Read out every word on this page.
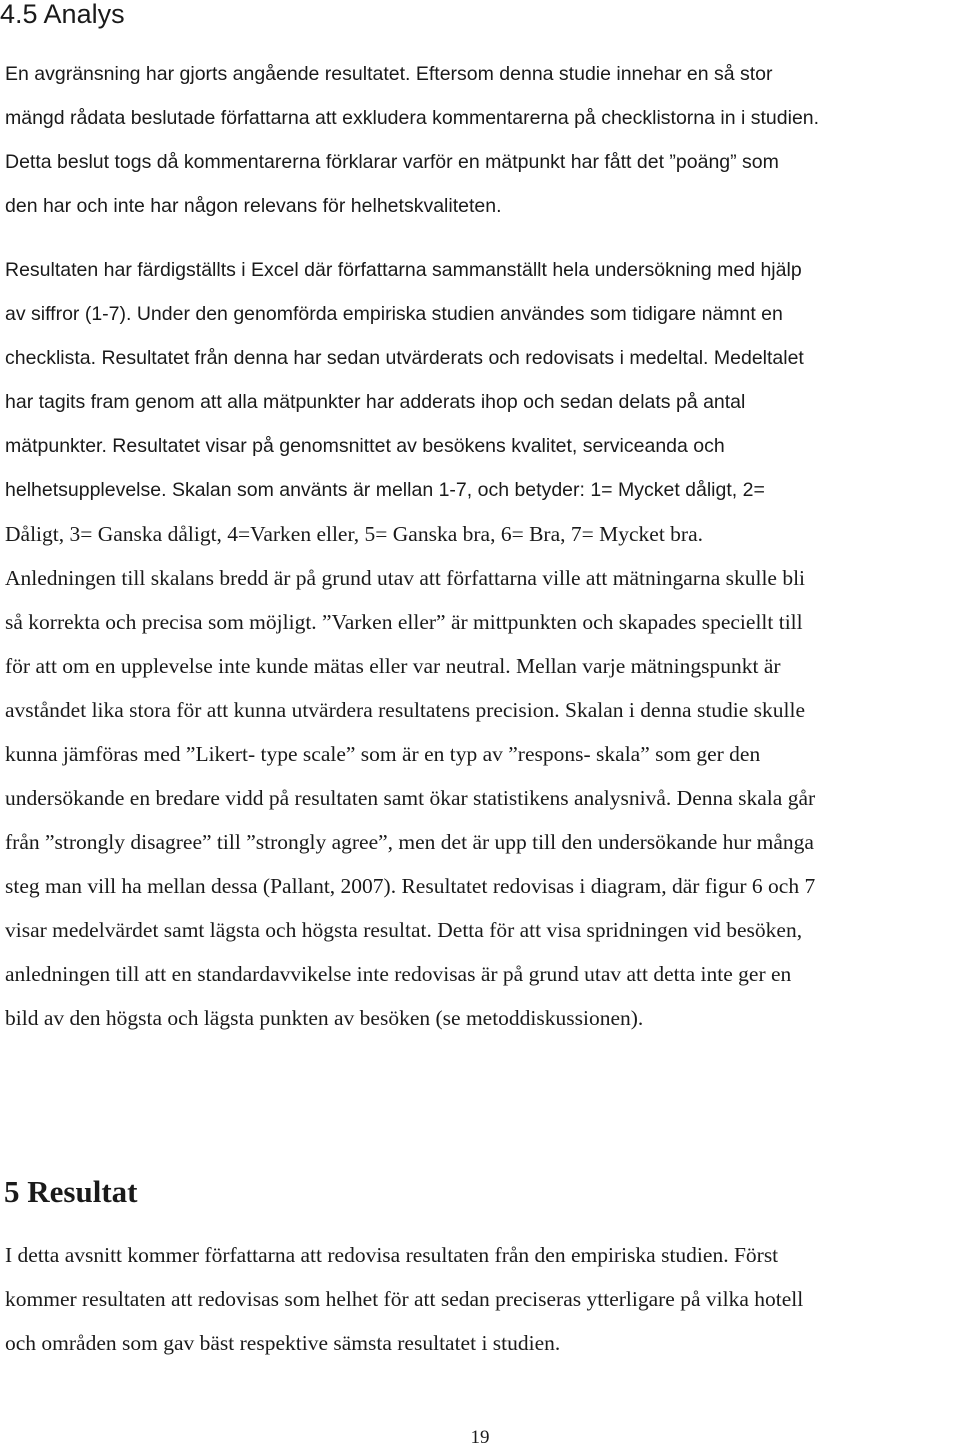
4.5 Analys

En avgränsning har gjorts angående resultatet. Eftersom denna studie innehar en så stor
mängd rådata beslutade författarna att exkludera kommentarerna på checklistorna in i studien.
Detta beslut togs då kommentarerna förklarar varför en mätpunkt har fått det ”poäng” som
den har och inte har någon relevans för helhetskvaliteten.

Resultaten har färdigställts i Excel där författarna sammanställt hela undersökning med hjälp
av siffror (1-7). Under den genomförda empiriska studien användes som tidigare nämnt en
checklista. Resultatet från denna har sedan utvärderats och redovisats i medeltal. Medeltalet
har tagits fram genom att alla mätpunkter har adderats ihop och sedan delats på antal
mätpunkter. Resultatet visar på genomsnittet av besökens kvalitet, serviceanda och
helhetsupplevelse. Skalan som använts är mellan 1-7, och betyder: 1= Mycket dåligt, 2=

Dåligt, 3= Ganska dåligt, 4=Varken eller, 5= Ganska bra, 6= Bra, 7= Mycket bra.
Anledningen till skalans bredd är på grund utav att författarna ville att mätningarna skulle bli
så korrekta och precisa som möjligt. ”Varken eller” är mittpunkten och skapades speciellt till
för att om en upplevelse inte kunde mätas eller var neutral. Mellan varje mätningspunkt är
avståndet lika stora för att kunna utvärdera resultatens precision. Skalan i denna studie skulle
kunna jämföras med ”Likert- type scale” som är en typ av ”respons- skala” som ger den
undersökande en bredare vidd på resultaten samt ökar statistikens analysnivå. Denna skala går
från ”strongly disagree” till ”strongly agree”, men det är upp till den undersökande hur många
steg man vill ha mellan dessa (Pallant, 2007). Resultatet redovisas i diagram, där figur 6 och 7
visar medelvärdet samt lägsta och högsta resultat. Detta för att visa spridningen vid besöken,
anledningen till att en standardavvikelse inte redovisas är på grund utav att detta inte ger en
bild av den högsta och lägsta punkten av besöken (se metoddiskussionen).

5 Resultat

I detta avsnitt kommer författarna att redovisa resultaten från den empiriska studien. Först
kommer resultaten att redovisas som helhet för att sedan preciseras ytterligare på vilka hotell
och områden som gav bäst respektive sämsta resultatet i studien.

19
